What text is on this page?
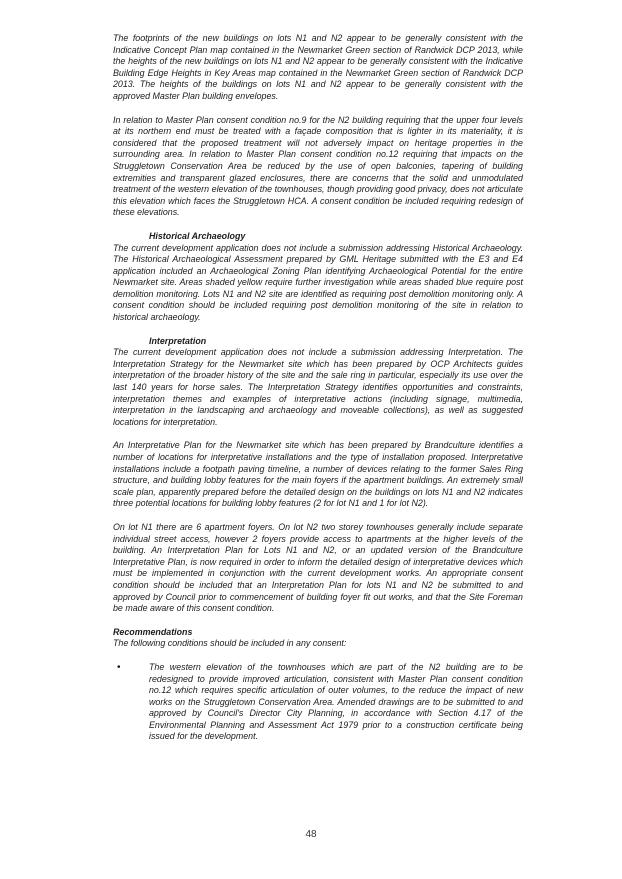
The footprints of the new buildings on lots N1 and N2 appear to be generally consistent with the Indicative Concept Plan map contained in the Newmarket Green section of Randwick DCP 2013, while the heights of the new buildings on lots N1 and N2 appear to be generally consistent with the Indicative Building Edge Heights in Key Areas map contained in the Newmarket Green section of Randwick DCP 2013. The heights of the buildings on lots N1 and N2 appear to be generally consistent with the approved Master Plan building envelopes.

In relation to Master Plan consent condition no.9 for the N2 building requiring that the upper four levels at its northern end must be treated with a façade composition that is lighter in its materiality, it is considered that the proposed treatment will not adversely impact on heritage properties in the surrounding area. In relation to Master Plan consent condition no.12 requiring that impacts on the Struggletown Conservation Area be reduced by the use of open balconies, tapering of building extremities and transparent glazed enclosures, there are concerns that the solid and unmodulated treatment of the western elevation of the townhouses, though providing good privacy, does not articulate this elevation which faces the Struggletown HCA. A consent condition be included requiring redesign of these elevations.

Historical Archaeology

The current development application does not include a submission addressing Historical Archaeology. The Historical Archaeological Assessment prepared by GML Heritage submitted with the E3 and E4 application included an Archaeological Zoning Plan identifying Archaeological Potential for the entire Newmarket site. Areas shaded yellow require further investigation while areas shaded blue require post demolition monitoring. Lots N1 and N2 site are identified as requiring post demolition monitoring only. A consent condition should be included requiring post demolition monitoring of the site in relation to historical archaeology.

Interpretation

The current development application does not include a submission addressing Interpretation. The Interpretation Strategy for the Newmarket site which has been prepared by OCP Architects guides interpretation of the broader history of the site and the sale ring in particular, especially its use over the last 140 years for horse sales. The Interpretation Strategy identifies opportunities and constraints, interpretation themes and examples of interpretative actions (including signage, multimedia, interpretation in the landscaping and archaeology and moveable collections), as well as suggested locations for interpretation.

An Interpretative Plan for the Newmarket site which has been prepared by Brandculture identifies a number of locations for interpretative installations and the type of installation proposed. Interpretative installations include a footpath paving timeline, a number of devices relating to the former Sales Ring structure, and building lobby features for the main foyers if the apartment buildings. An extremely small scale plan, apparently prepared before the detailed design on the buildings on lots N1 and N2 indicates three potential locations for building lobby features (2 for lot N1 and 1 for lot N2).

On lot N1 there are 6 apartment foyers. On lot N2 two storey townhouses generally include separate individual street access, however 2 foyers provide access to apartments at the higher levels of the building. An Interpretation Plan for Lots N1 and N2, or an updated version of the Brandculture Interpretative Plan, is now required in order to inform the detailed design of interpretative devices which must be implemented in conjunction with the current development works. An appropriate consent condition should be included that an Interpretation Plan for lots N1 and N2 be submitted to and approved by Council prior to commencement of building foyer fit out works, and that the Site Foreman be made aware of this consent condition.

Recommendations

The following conditions should be included in any consent:

•	The western elevation of the townhouses which are part of the N2 building are to be redesigned to provide improved articulation, consistent with Master Plan consent condition no.12 which requires specific articulation of outer volumes, to the reduce the impact of new works on the Struggletown Conservation Area. Amended drawings are to be submitted to and approved by Council's Director City Planning, in accordance with Section 4.17 of the Environmental Planning and Assessment Act 1979 prior to a construction certificate being issued for the development.

48
